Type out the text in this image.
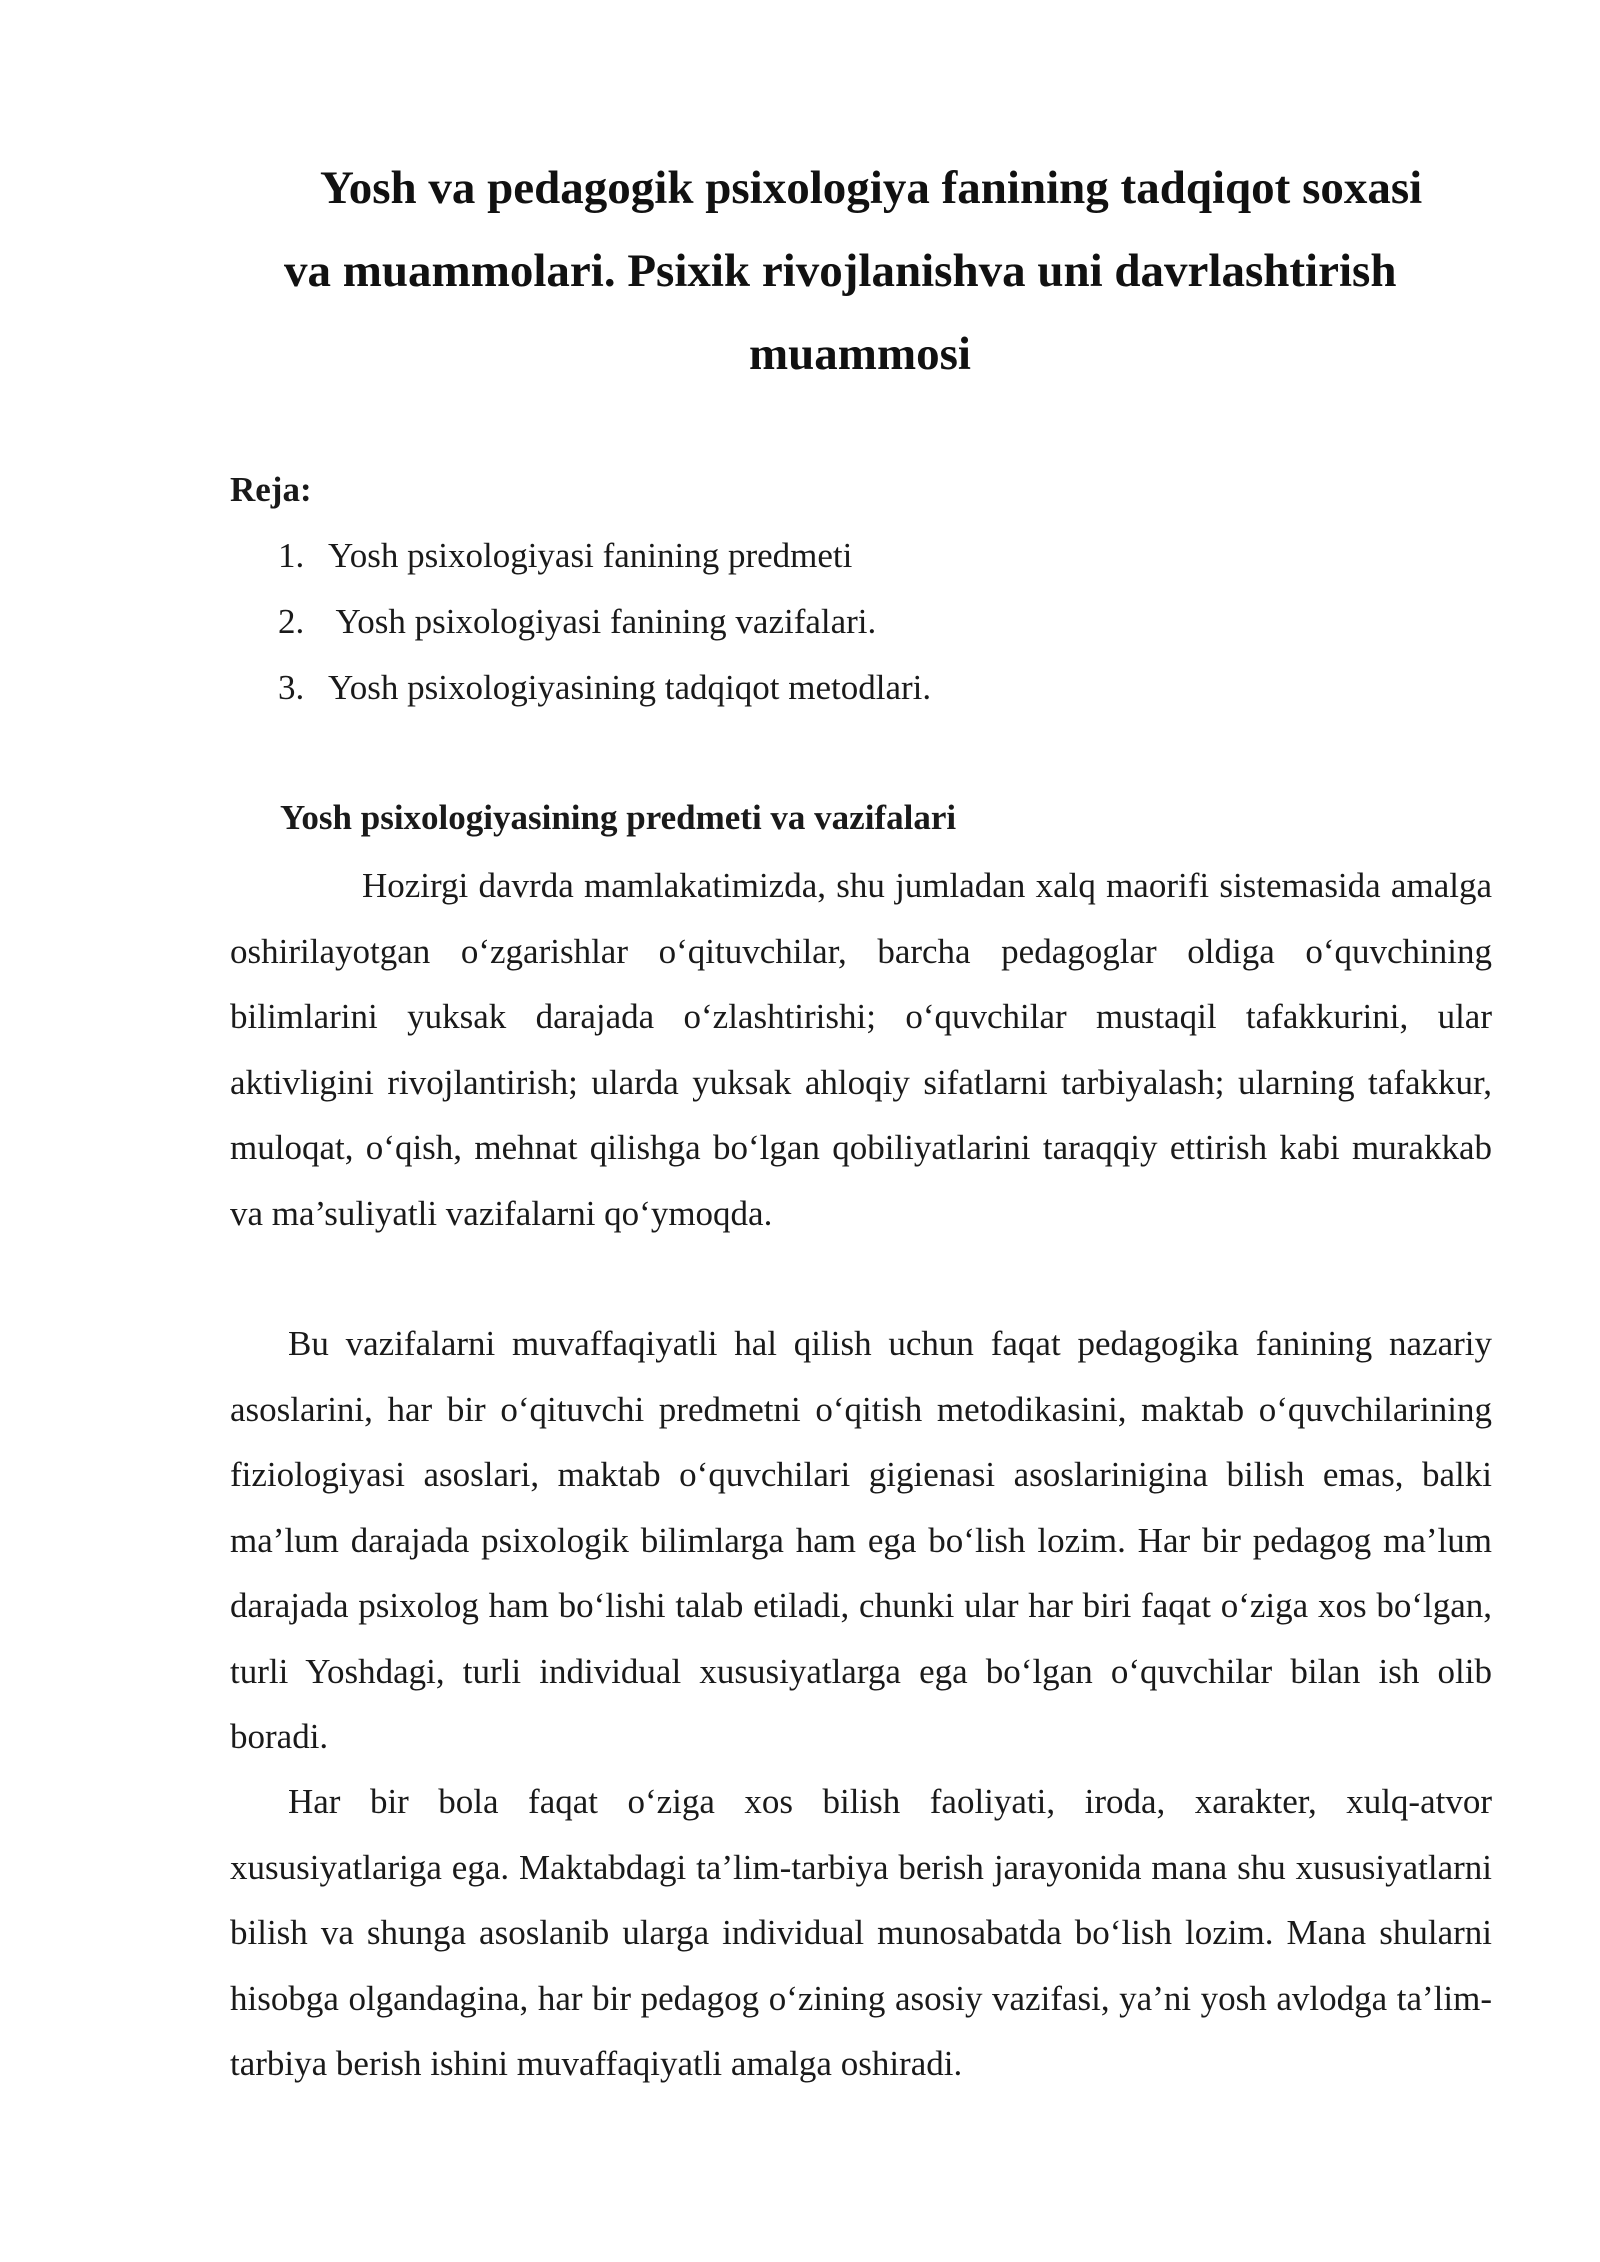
Yosh va pedagogik psixologiya fanining tadqiqot soxasi
va muammolari. Psixik rivojlanishva uni davrlashtirish
muammosi

Reja:

1. Yosh psixologiyasi fanining predmeti
2. Yosh psixologiyasi fanining vazifalari.
3. Yosh psixologiyasining tadqiqot metodlari.
Yosh psixologiyasining predmeti va vazifalari

Hozirgi davrda mamlakatimizda, shu jumladan xalq maorifi sistemasida amalga oshirilayotgan o‘zgarishlar o‘qituvchilar, barcha pedagoglar oldiga o‘quvchining bilimlarini yuksak darajada o‘zlashtirishi; o‘quvchilar mustaqil tafakkurini, ular aktivligini rivojlantirish; ularda yuksak ahloqiy sifatlarni tarbiyalash; ularning tafakkur, muloqat, o‘qish, mehnat qilishga bo‘lgan qobiliyatlarini taraqqiy ettirish kabi murakkab va ma’suliyatli vazifalarni qo‘ymoqda.

Bu vazifalarni muvaffaqiyatli hal qilish uchun faqat pedagogika fanining nazariy asoslarini, har bir o‘qituvchi predmetni o‘qitish metodikasini, maktab o‘quvchilarining fiziologiyasi asoslari, maktab o‘quvchilari gigienasi asoslarinigina bilish emas, balki ma’lum darajada psixologik bilimlarga ham ega bo‘lish lozim. Har bir pedagog ma’lum darajada psixolog ham bo‘lishi talab etiladi, chunki ular har biri faqat o‘ziga xos bo‘lgan, turli Yoshdagi, turli individual xususiyatlarga ega bo‘lgan o‘quvchilar bilan ish olib boradi.

Har bir bola faqat o‘ziga xos bilish faoliyati, iroda, xarakter, xulq-atvor xususiyatlariga ega. Maktabdagi ta’lim-tarbiya berish jarayonida mana shu xususiyatlarni bilish va shunga asoslanib ularga individual munosabatda bo‘lish lozim. Mana shularni hisobga olgandagina, har bir pedagog o‘zining asosiy vazifasi, ya’ni yosh avlodga ta’lim-tarbiya berish ishini muvaffaqiyatli amalga oshiradi.
